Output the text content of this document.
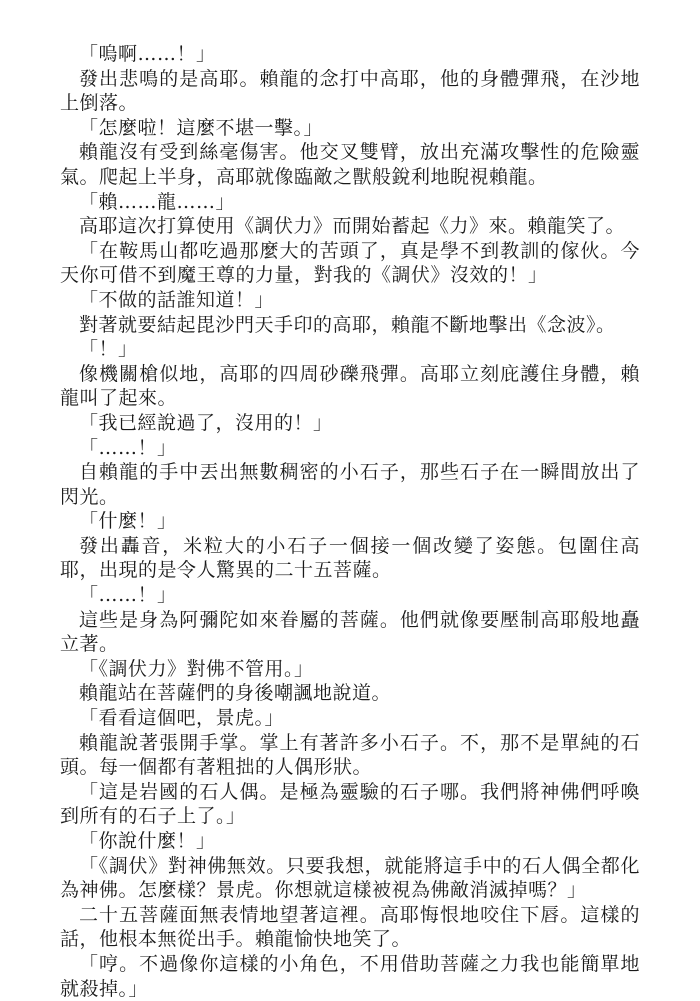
「嗚啊……！」

發出悲鳴的是高耶。賴龍的念打中高耶，他的身體彈飛，在沙地上倒落。

「怎麼啦！這麼不堪一擊。」

賴龍沒有受到絲毫傷害。他交叉雙臂，放出充滿攻擊性的危險靈氣。爬起上半身，高耶就像臨敵之獸般銳利地睨視賴龍。

「賴……龍……」

高耶這次打算使用《調伏力》而開始蓄起《力》來。賴龍笑了。

「在鞍馬山都吃過那麼大的苦頭了，真是學不到教訓的傢伙。今天你可借不到魔王尊的力量，對我的《調伏》沒效的！」

「不做的話誰知道！」

對著就要結起毘沙門天手印的高耶，賴龍不斷地擊出《念波》。

「！」

像機關槍似地，高耶的四周砂礫飛彈。高耶立刻庇護住身體，賴龍叫了起來。

「我已經說過了，沒用的！」

「……！」

自賴龍的手中丟出無數稠密的小石子，那些石子在一瞬間放出了閃光。

「什麼！」

發出轟音，米粒大的小石子一個接一個改變了姿態。包圍住高耶，出現的是令人驚異的二十五菩薩。

「……！」

這些是身為阿彌陀如來眷屬的菩薩。他們就像要壓制高耶般地矗立著。

「《調伏力》對佛不管用。」

賴龍站在菩薩們的身後嘲諷地說道。

「看看這個吧，景虎。」

賴龍說著張開手掌。掌上有著許多小石子。不，那不是單純的石頭。每一個都有著粗拙的人偶形狀。

「這是岩國的石人偶。是極為靈驗的石子哪。我們將神佛們呼喚到所有的石子上了。」

「你說什麼！」

「《調伏》對神佛無效。只要我想，就能將這手中的石人偶全都化為神佛。怎麼樣？景虎。你想就這樣被視為佛敵消滅掉嗎？」

二十五菩薩面無表情地望著這裡。高耶悔恨地咬住下唇。這樣的話，他根本無從出手。賴龍愉快地笑了。

「哼。不過像你這樣的小角色，不用借助菩薩之力我也能簡單地就殺掉。」
